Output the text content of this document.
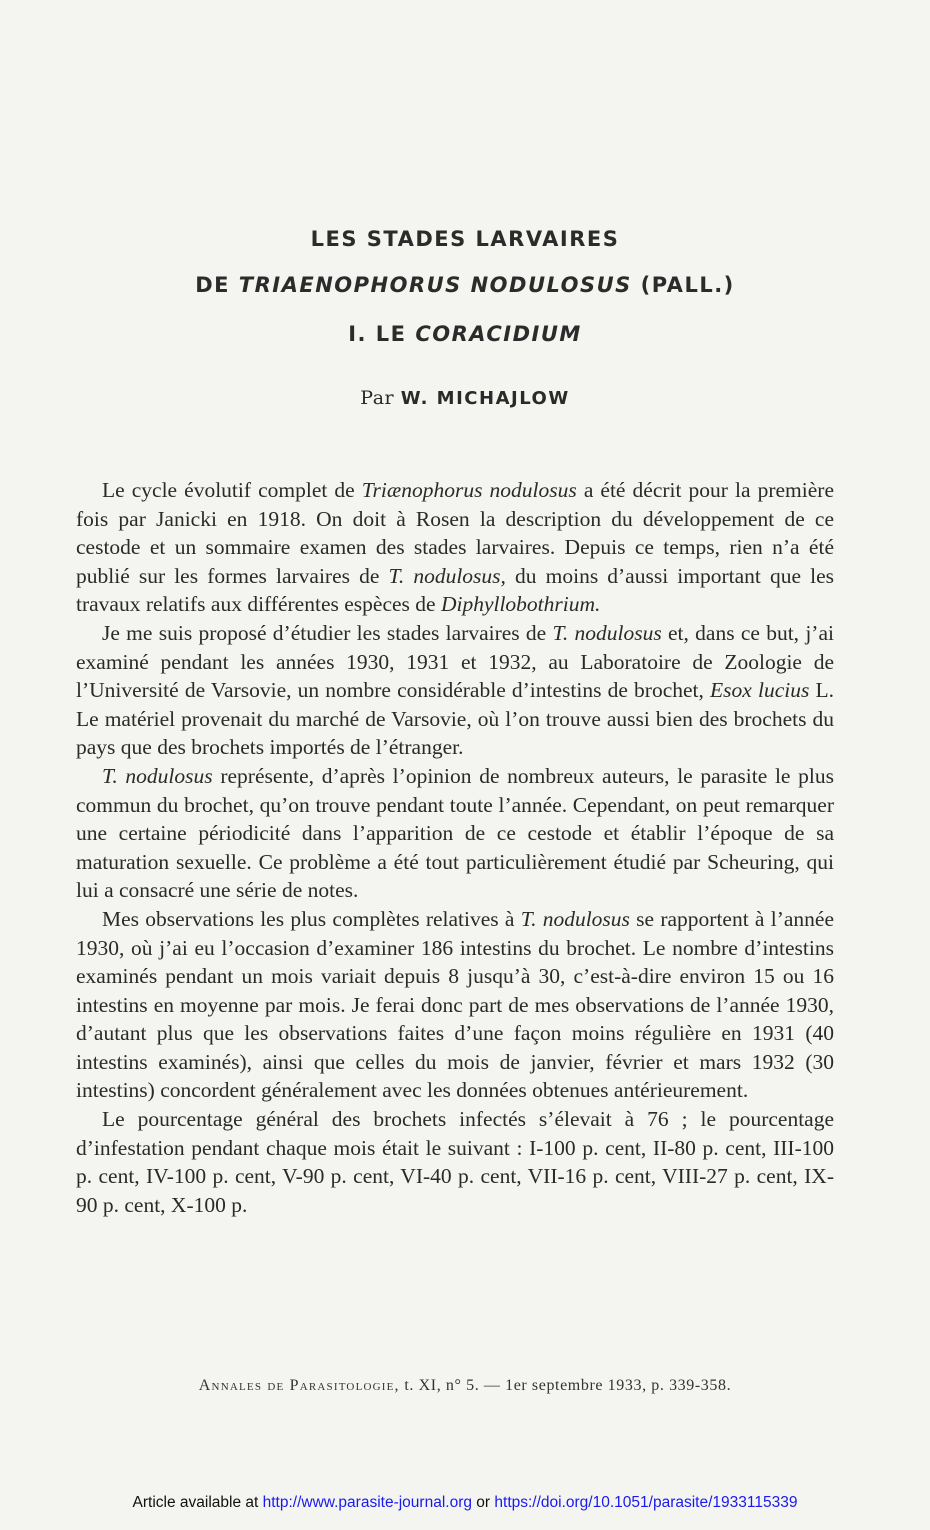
LES STADES LARVAIRES
DE TRIAENOPHORUS NODULOSUS (PALL.)
I. LE CORACIDIUM
Par W. MICHAJLOW

Le cycle évolutif complet de Triænophorus nodulosus a été décrit pour la première fois par Janicki en 1918. On doit à Rosen la description du développement de ce cestode et un sommaire examen des stades larvaires. Depuis ce temps, rien n’a été publié sur les formes larvaires de T. nodulosus, du moins d’aussi important que les travaux relatifs aux différentes espèces de Diphyllobothrium.

Je me suis proposé d’étudier les stades larvaires de T. nodulosus et, dans ce but, j’ai examiné pendant les années 1930, 1931 et 1932, au Laboratoire de Zoologie de l’Université de Varsovie, un nombre considérable d’intestins de brochet, Esox lucius L. Le matériel provenait du marché de Varsovie, où l’on trouve aussi bien des brochets du pays que des brochets importés de l’étranger.

T. nodulosus représente, d’après l’opinion de nombreux auteurs, le parasite le plus commun du brochet, qu’on trouve pendant toute l’année. Cependant, on peut remarquer une certaine périodicité dans l’apparition de ce cestode et établir l’époque de sa maturation sexuelle. Ce problème a été tout particulièrement étudié par Scheuring, qui lui a consacré une série de notes.

Mes observations les plus complètes relatives à T. nodulosus se rapportent à l’année 1930, où j’ai eu l’occasion d’examiner 186 intestins du brochet. Le nombre d’intestins examinés pendant un mois variait depuis 8 jusqu’à 30, c’est-à-dire environ 15 ou 16 intestins en moyenne par mois. Je ferai donc part de mes observations de l’année 1930, d’autant plus que les observations faites d’une façon moins régulière en 1931 (40 intestins examinés), ainsi que celles du mois de janvier, février et mars 1932 (30 intestins) concordent généralement avec les données obtenues antérieurement.

Le pourcentage général des brochets infectés s’élevait à 76 ; le pourcentage d’infestation pendant chaque mois était le suivant : I-100 p. cent, II-80 p. cent, III-100 p. cent, IV-100 p. cent, V-90 p. cent, VI-40 p. cent, VII-16 p. cent, VIII-27 p. cent, IX-90 p. cent, X-100 p.

Annales de Parasitologie, t. XI, n° 5. — 1er septembre 1933, p. 339-358.
Article available at http://www.parasite-journal.org or https://doi.org/10.1051/parasite/1933115339
